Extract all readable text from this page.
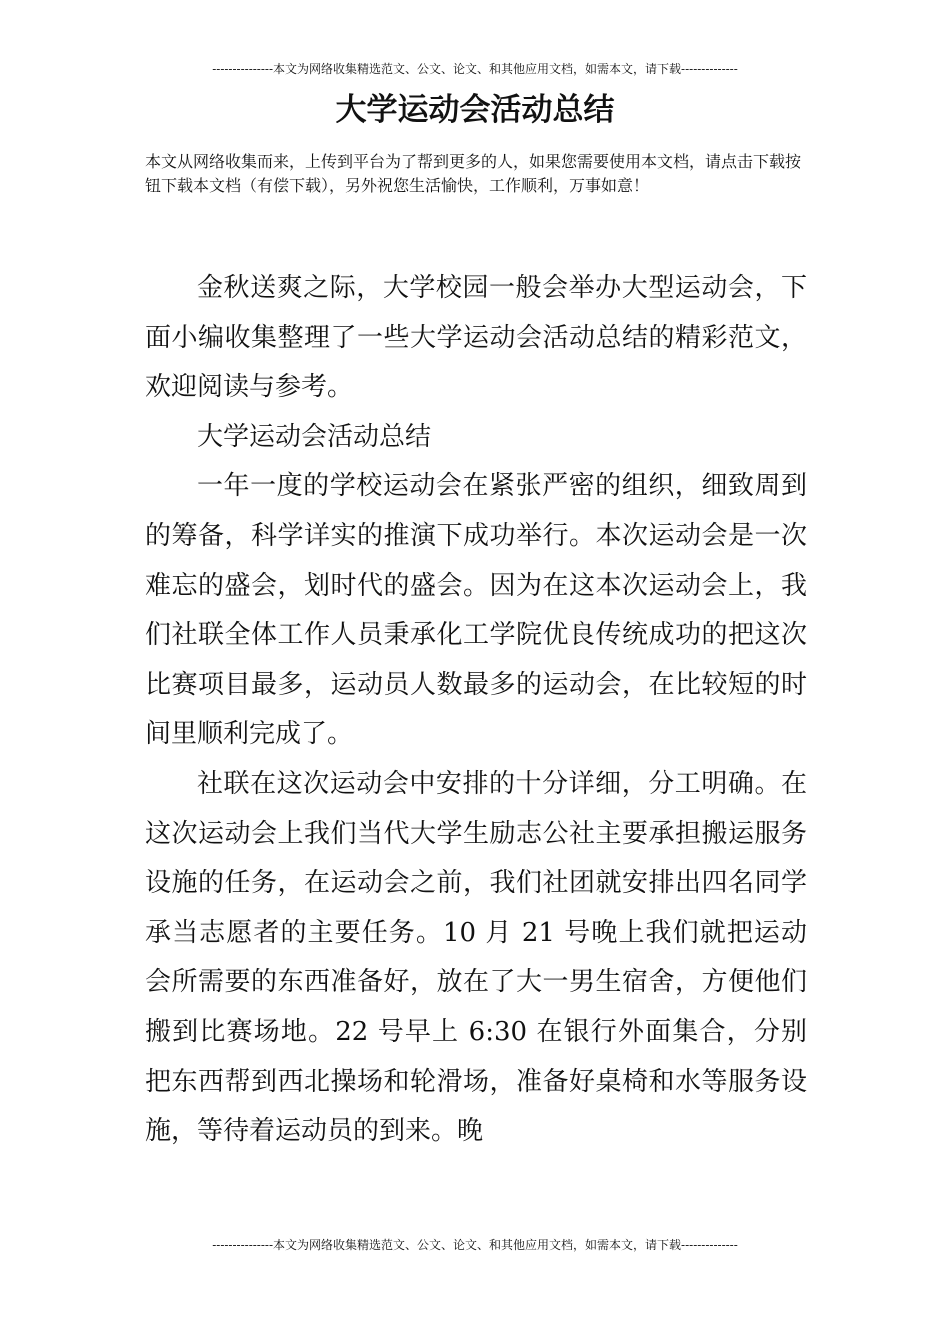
---------------本文为网络收集精选范文、公文、论文、和其他应用文档，如需本文，请下载--------------
大学运动会活动总结

本文从网络收集而来，上传到平台为了帮到更多的人，如果您需要使用本文档，请点击下载按钮下载本文档（有偿下载），另外祝您生活愉快，工作顺利，万事如意！

金秋送爽之际，大学校园一般会举办大型运动会，下面小编收集整理了一些大学运动会活动总结的精彩范文，欢迎阅读与参考。

大学运动会活动总结

一年一度的学校运动会在紧张严密的组织，细致周到的筹备，科学详实的推演下成功举行。本次运动会是一次难忘的盛会，划时代的盛会。因为在这本次运动会上，我们社联全体工作人员秉承化工学院优良传统成功的把这次比赛项目最多，运动员人数最多的运动会，在比较短的时间里顺利完成了。

社联在这次运动会中安排的十分详细，分工明确。在这次运动会上我们当代大学生励志公社主要承担搬运服务设施的任务，在运动会之前，我们社团就安排出四名同学承当志愿者的主要任务。10 月 21 号晚上我们就把运动会所需要的东西准备好，放在了大一男生宿舍，方便他们搬到比赛场地。22 号早上 6:30 在银行外面集合，分别把东西帮到西北操场和轮滑场，准备好桌椅和水等服务设施，等待着运动员的到来。晚

---------------本文为网络收集精选范文、公文、论文、和其他应用文档，如需本文，请下载--------------
